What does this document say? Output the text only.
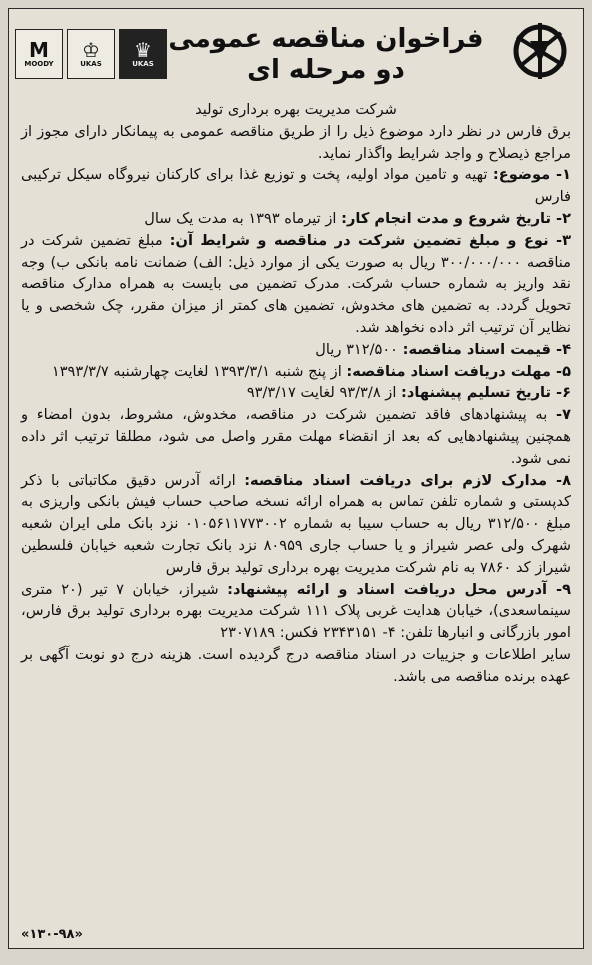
M
MOODY
♔
UKAS
♛
UKAS
فراخوان مناقصه عمومی
دو مرحله ای

شرکت مدیریت بهره برداری تولید

برق فارس در نظر دارد موضوع ذیل را از طریق مناقصه عمومی به پیمانکار دارای مجوز از مراجع ذیصلاح و واجد شرایط واگذار نماید.

۱- موضوع: تهیه و تامین مواد اولیه، پخت و توزیع غذا برای کارکنان نیروگاه سیکل ترکیبی فارس

۲- تاریخ شروع و مدت انجام کار: از تیرماه ۱۳۹۳ به مدت یک سال

۳- نوع و مبلغ تضمین شرکت در مناقصه و شرایط آن: مبلغ تضمین شرکت در مناقصه ۳۰۰/۰۰۰/۰۰۰ ریال به صورت یکی از موارد ذیل: الف) ضمانت نامه بانکی ب) وجه نقد واریز به شماره حساب شرکت. مدرک تضمین می بایست به همراه مدارک مناقصه تحویل گردد. به تضمین های مخدوش، تضمین های کمتر از میزان مقرر، چک شخصی و یا نظایر آن ترتیب اثر داده نخواهد شد.

۴- قیمت اسناد مناقصه: ۳۱۲/۵۰۰ ریال

۵- مهلت دریافت اسناد مناقصه: از پنج شنبه ۱۳۹۳/۳/۱ لغایت چهارشنبه ۱۳۹۳/۳/۷

۶- تاریخ تسلیم پیشنهاد: از ۹۳/۳/۸ لغایت ۹۳/۳/۱۷

۷- به پیشنهادهای فاقد تضمین شرکت در مناقصه، مخدوش، مشروط، بدون امضاء و همچنین پیشنهادهایی که بعد از انقضاء مهلت مقرر واصل می شود، مطلقا ترتیب اثر داده نمی شود.

۸- مدارک لازم برای دریافت اسناد مناقصه: ارائه آدرس دقیق مکاتباتی با ذکر کدپستی و شماره تلفن تماس به همراه ارائه نسخه صاحب حساب فیش بانکی واریزی به مبلغ ۳۱۲/۵۰۰ ریال به حساب سیبا به شماره ۰۱۰۵۶۱۱۷۷۳۰۰۲ نزد بانک ملی ایران شعبه شهرک ولی عصر شیراز و یا حساب جاری ۸۰۹۵۹ نزد بانک تجارت شعبه خیابان فلسطین شیراز کد ۷۸۶۰ به نام شرکت مدیریت بهره برداری تولید برق فارس

۹- آدرس محل دریافت اسناد و ارائه پیشنهاد: شیراز، خیابان ۷ تیر (۲۰ متری سینماسعدی)، خیابان هدایت غربی پلاک ۱۱۱ شرکت مدیریت بهره برداری تولید برق فارس، امور بازرگانی و انبارها تلفن: ۴- ۲۳۴۳۱۵۱ فکس: ۲۳۰۷۱۸۹

سایر اطلاعات و جزییات در اسناد مناقصه درج گردیده است. هزینه درج دو نوبت آگهی بر عهده برنده مناقصه می باشد.

«۱۳۰-۹۸»
